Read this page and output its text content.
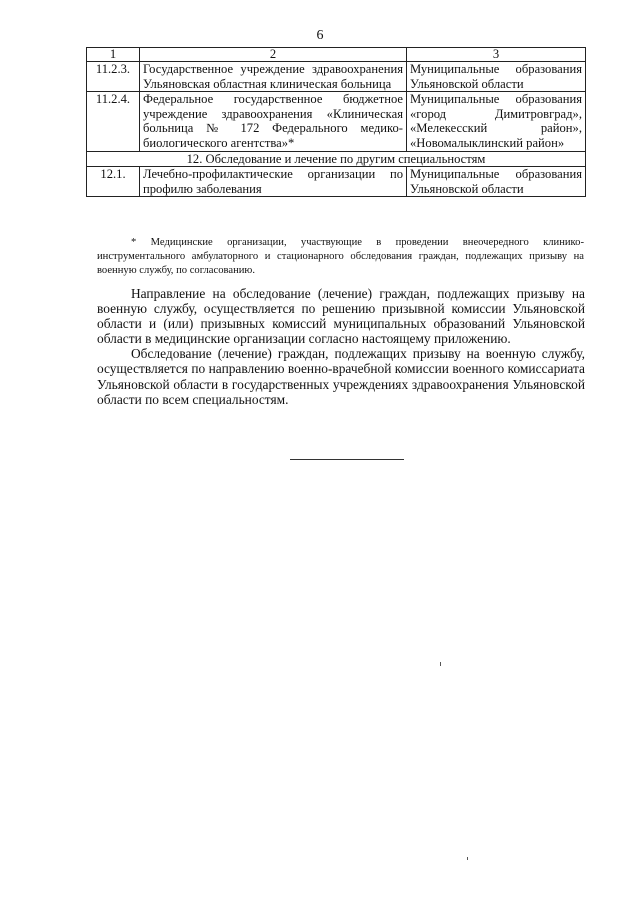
6
1	2	3
11.2.3.	Государственное учреждение здравоохранения Ульяновская областная клиническая больница	Муниципальные образования Ульяновской области
11.2.4.	Федеральное государственное бюджетное учреждение здравоохранения «Клиническая больница № 172 Федерального медико-биологического агентства»*	Муниципальные образования «город Димитровград», «Мелекесский район», «Новомалыклинский район»
12. Обследование и лечение по другим специальностям		
12.1.	Лечебно-профилактические организации по профилю заболевания	Муниципальные образования Ульяновской области
* Медицинские организации, участвующие в проведении внеочередного клинико-инструментального амбулаторного и стационарного обследования граждан, подлежащих призыву на военную службу, по согласованию.

Направление на обследование (лечение) граждан, подлежащих призыву на военную службу, осуществляется по решению призывной комиссии Ульяновской области и (или) призывных комиссий муниципальных образований Ульяновской области в медицинские организации согласно настоящему приложению.

Обследование (лечение) граждан, подлежащих призыву на военную службу, осуществляется по направлению военно-врачебной комиссии военного комиссариата Ульяновской области в государственных учреждениях здравоохранения Ульяновской области по всем специальностям.
